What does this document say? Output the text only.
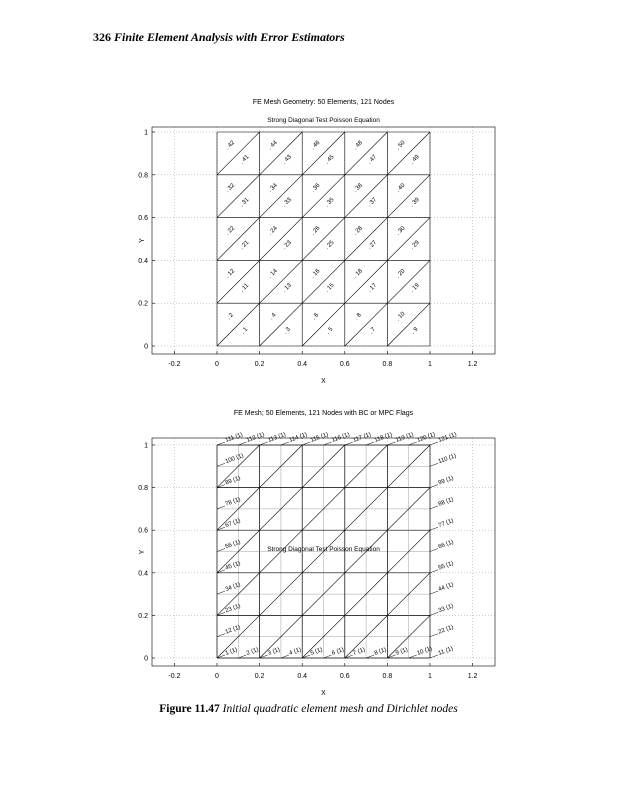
326 Finite Element Analysis with Error Estimators
-0.2	0	0.2	0.4	0.6	0.8	1	1.2
0
0.2
0.4
0.6
0.8
1
FE Mesh Geometry: 50 Elements, 121 Nodes
X
Y
Strong Diagonal Test Poisson Equation
. 1
. 2
. 3
. 4
. 5
. 6
. 7
. 8
. 9
. 10
. 11
. 12
. 13
. 14
. 15
. 16
. 17
. 18
. 19
. 20
. 21
. 22
. 23
. 24
. 25
. 26
. 27
. 28
. 29
. 30
. 31
. 32
. 33
. 34
. 35
. 36
. 37
. 38
. 39
. 40
. 41
. 42
. 43
. 44
. 45
. 46
. 47
. 48
. 49
. 50
-0.2	0	0.2	0.4	0.6	0.8	1	1.2
0
0.2
0.4
0.6
0.8
1
FE Mesh; 50 Elements, 121 Nodes with BC or MPC Flags
X
Y	Strong Diagonal Test Poisson Equation
1 (1) 2 (1) 3 (1) 4 (1) 5 (1) 6 (1) 7 (1) 8 (1) 9 (1) 10 (1) 11 (1)
22 (1)
33 (1)
44 (1)
55 (1)
66 (1)
77 (1)
88 (1)
99 (1)
110 (1)
111 (1) 112 (1) 113 (1) 114 (1) 115 (1) 116 (1) 117 (1) 118 (1) 119 (1) 120 (1) 121 (1)
12 (1)
23 (1)
34 (1)
45 (1)
56 (1)
67 (1)
78 (1)
89 (1)
100 (1)
Figure 11.47 Initial quadratic element mesh and Dirichlet nodes
